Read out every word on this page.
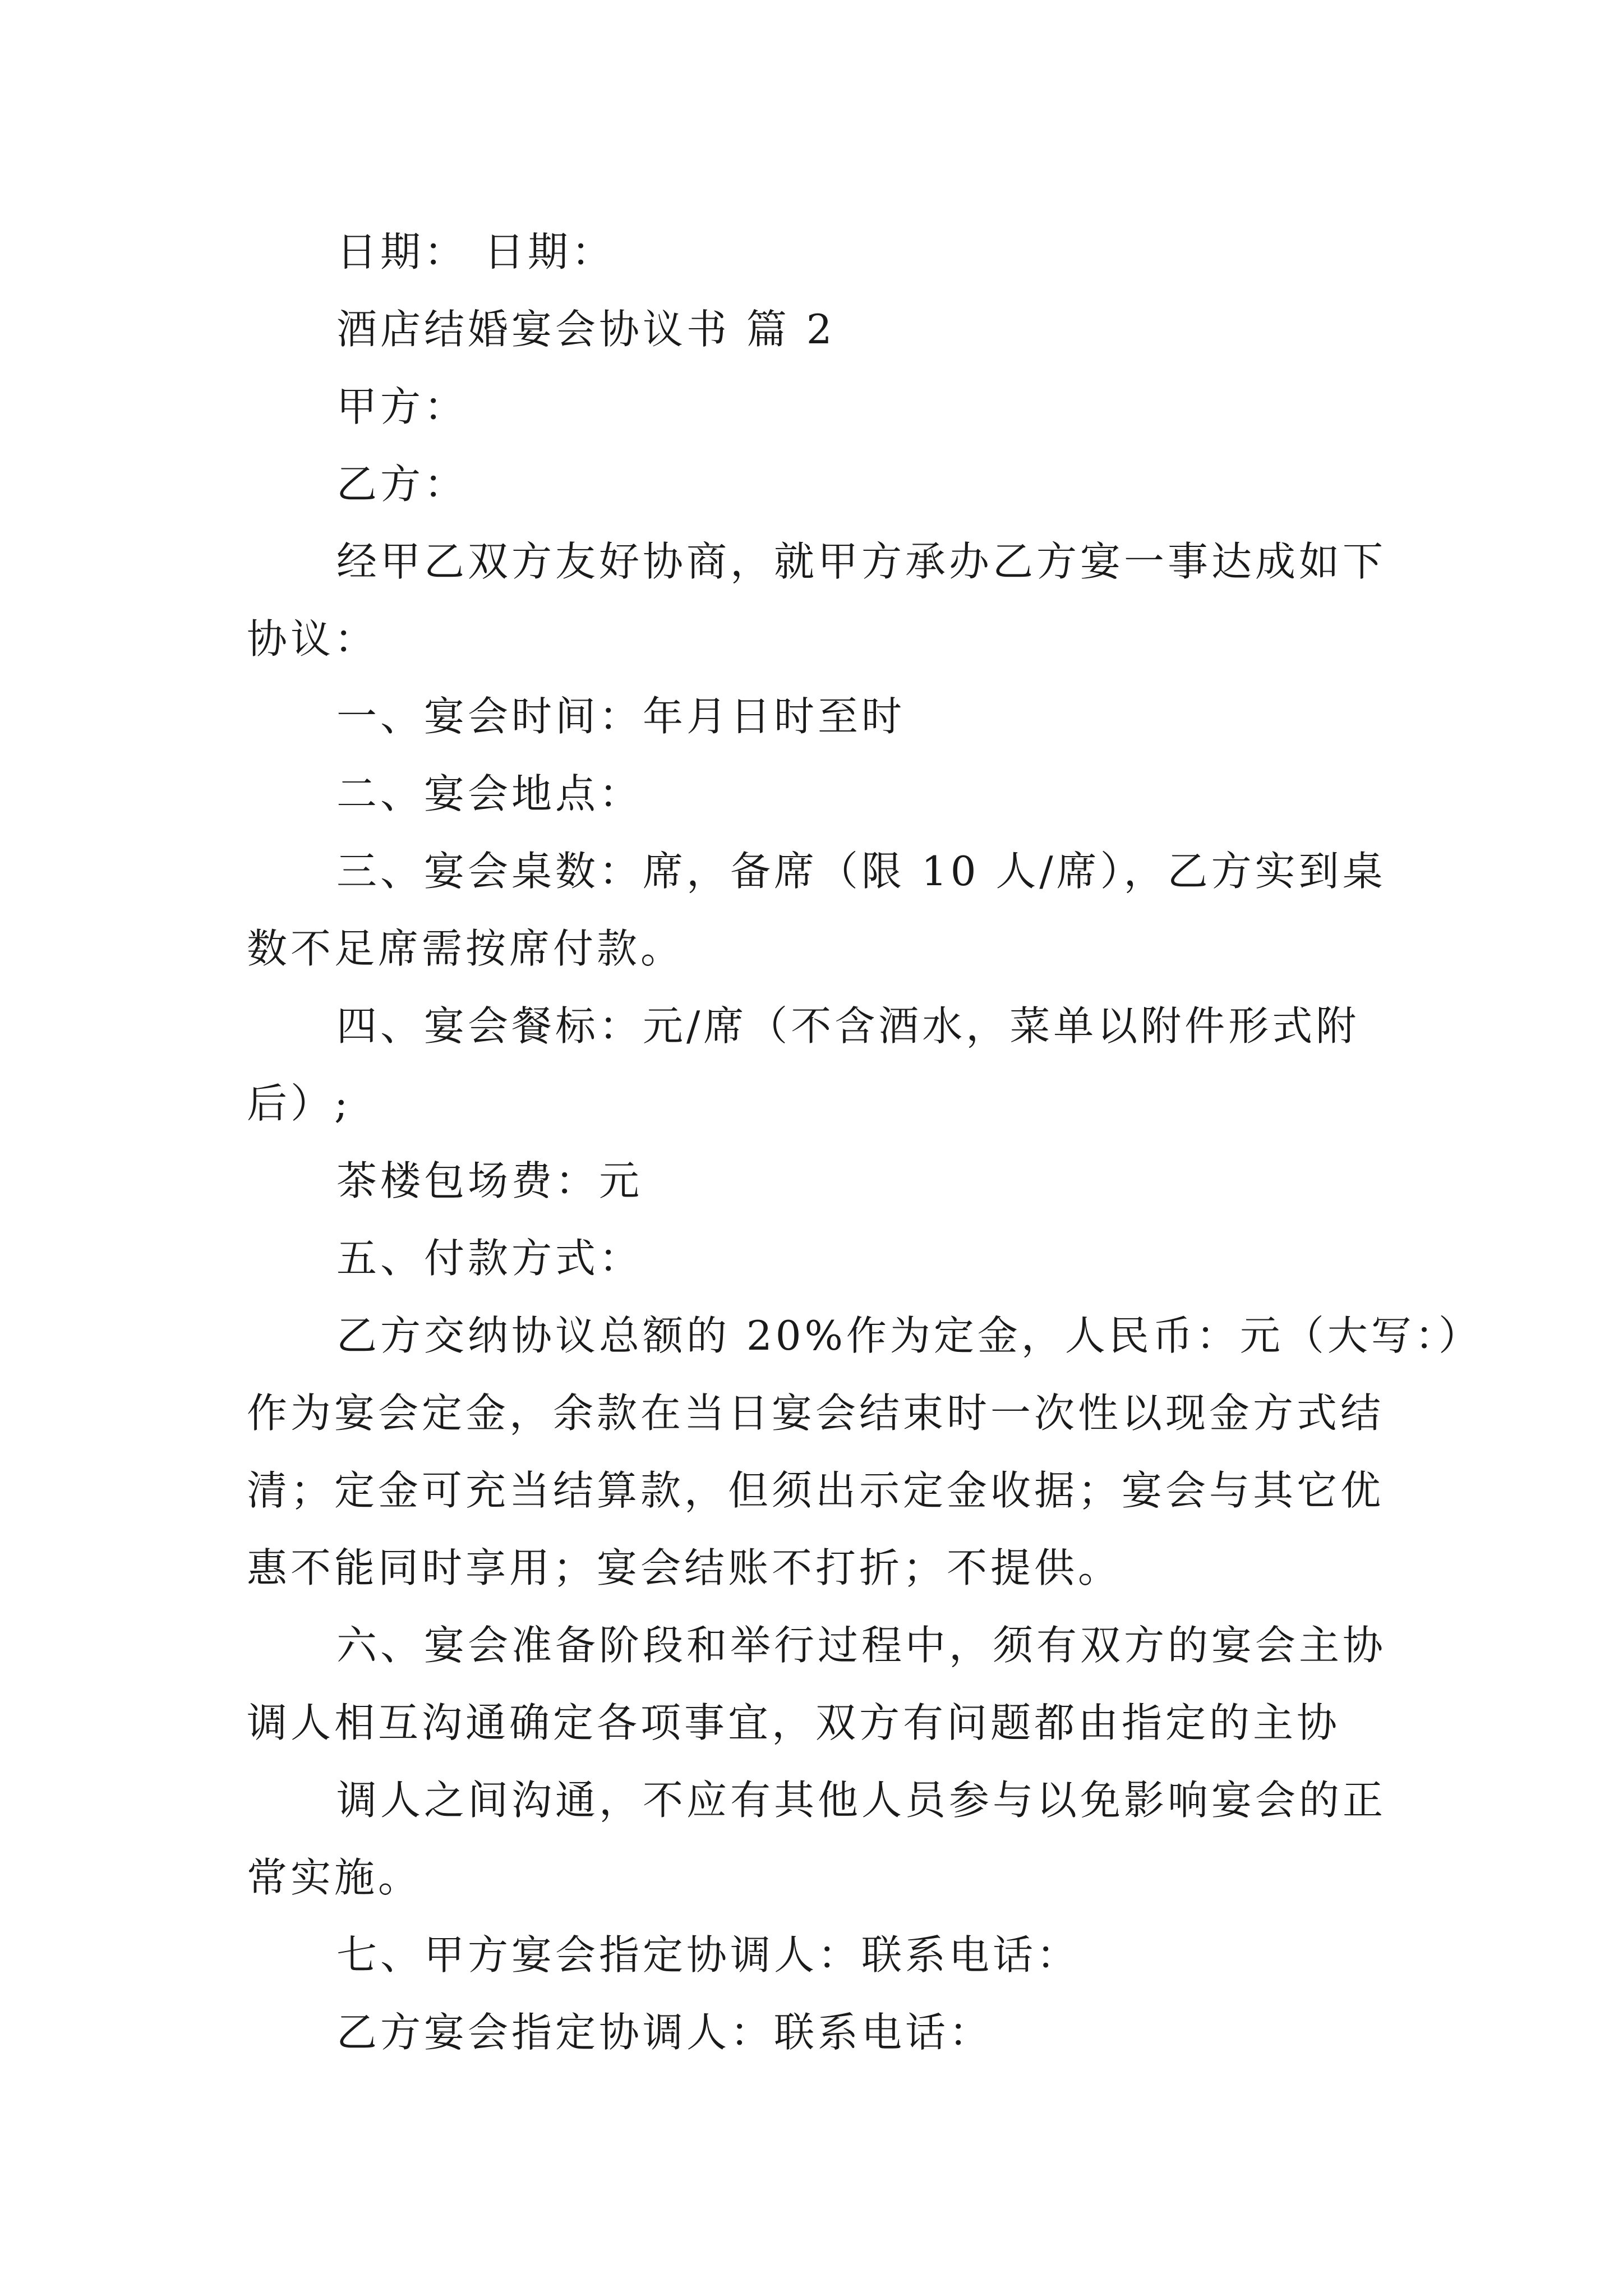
日期： 日期：

酒店结婚宴会协议书 篇 2

甲方：

乙方：

经甲乙双方友好协商，就甲方承办乙方宴一事达成如下

协议：

一、宴会时间：年月日时至时

二、宴会地点：

三、宴会桌数：席，备席（限 10 人/席），乙方实到桌

数不足席需按席付款。

四、宴会餐标：元/席（不含酒水，菜单以附件形式附

后）;

茶楼包场费：元

五、付款方式：

乙方交纳协议总额的 20%作为定金，人民币：元（大写：）

作为宴会定金，余款在当日宴会结束时一次性以现金方式结

清；定金可充当结算款，但须出示定金收据；宴会与其它优

惠不能同时享用；宴会结账不打折；不提供。

六、宴会准备阶段和举行过程中，须有双方的宴会主协

调人相互沟通确定各项事宜，双方有问题都由指定的主协

调人之间沟通，不应有其他人员参与以免影响宴会的正

常实施。

七、甲方宴会指定协调人：联系电话：

乙方宴会指定协调人：联系电话：
